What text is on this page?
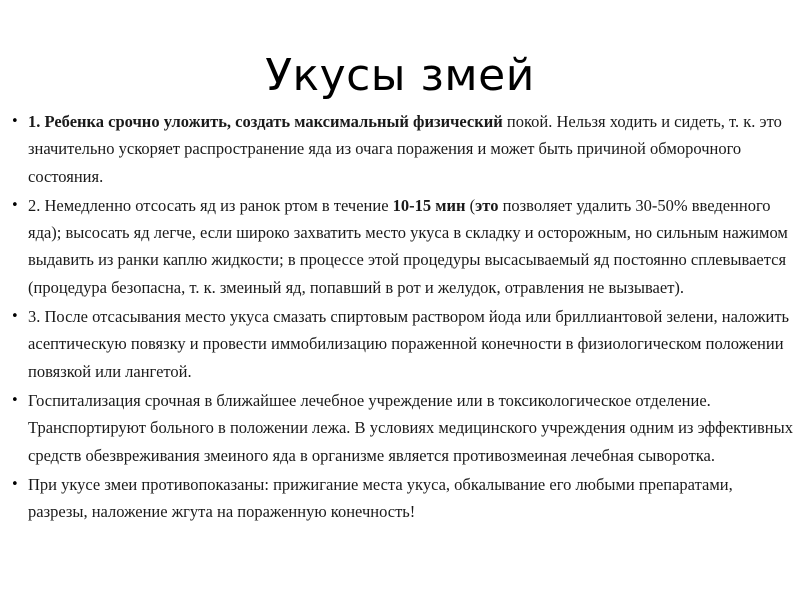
Укусы змей
• 1. Ребенка срочно уложить, создать максимальный физический покой. Нельзя ходить и сидеть, т. к. это значительно ускоряет распространение яда из очага поражения и может быть причиной обморочного состояния.
• 2. Немедленно отсосать яд из ранок ртом в течение 10-15 мин (это позволяет удалить 30-50% введенного яда); высосать яд легче, если широко захватить место укуса в складку и осторожным, но сильным нажимом выдавить из ранки каплю жидкости; в процессе этой процедуры высасываемый яд постоянно сплевывается (процедура безопасна, т. к. змеиный яд, попавший в рот и желудок, отравления не вызывает).
• 3. После отсасывания место укуса смазать спиртовым раствором йода или бриллиантовой зелени, наложить асептическую повязку и провести иммобилизацию пораженной конечности в физиологическом положении повязкой или лангетой.
• Госпитализация срочная в ближайшее лечебное учреждение или в токсикологическое отделение. Транспортируют больного в положении лежа. В условиях медицинского учреждения одним из эффективных средств обезвреживания змеиного яда в организме является противозмеиная лечебная сыворотка.
• При укусе змеи противопоказаны: прижигание места укуса, обкалывание его любыми препаратами, разрезы, наложение жгута на пораженную конечность!
